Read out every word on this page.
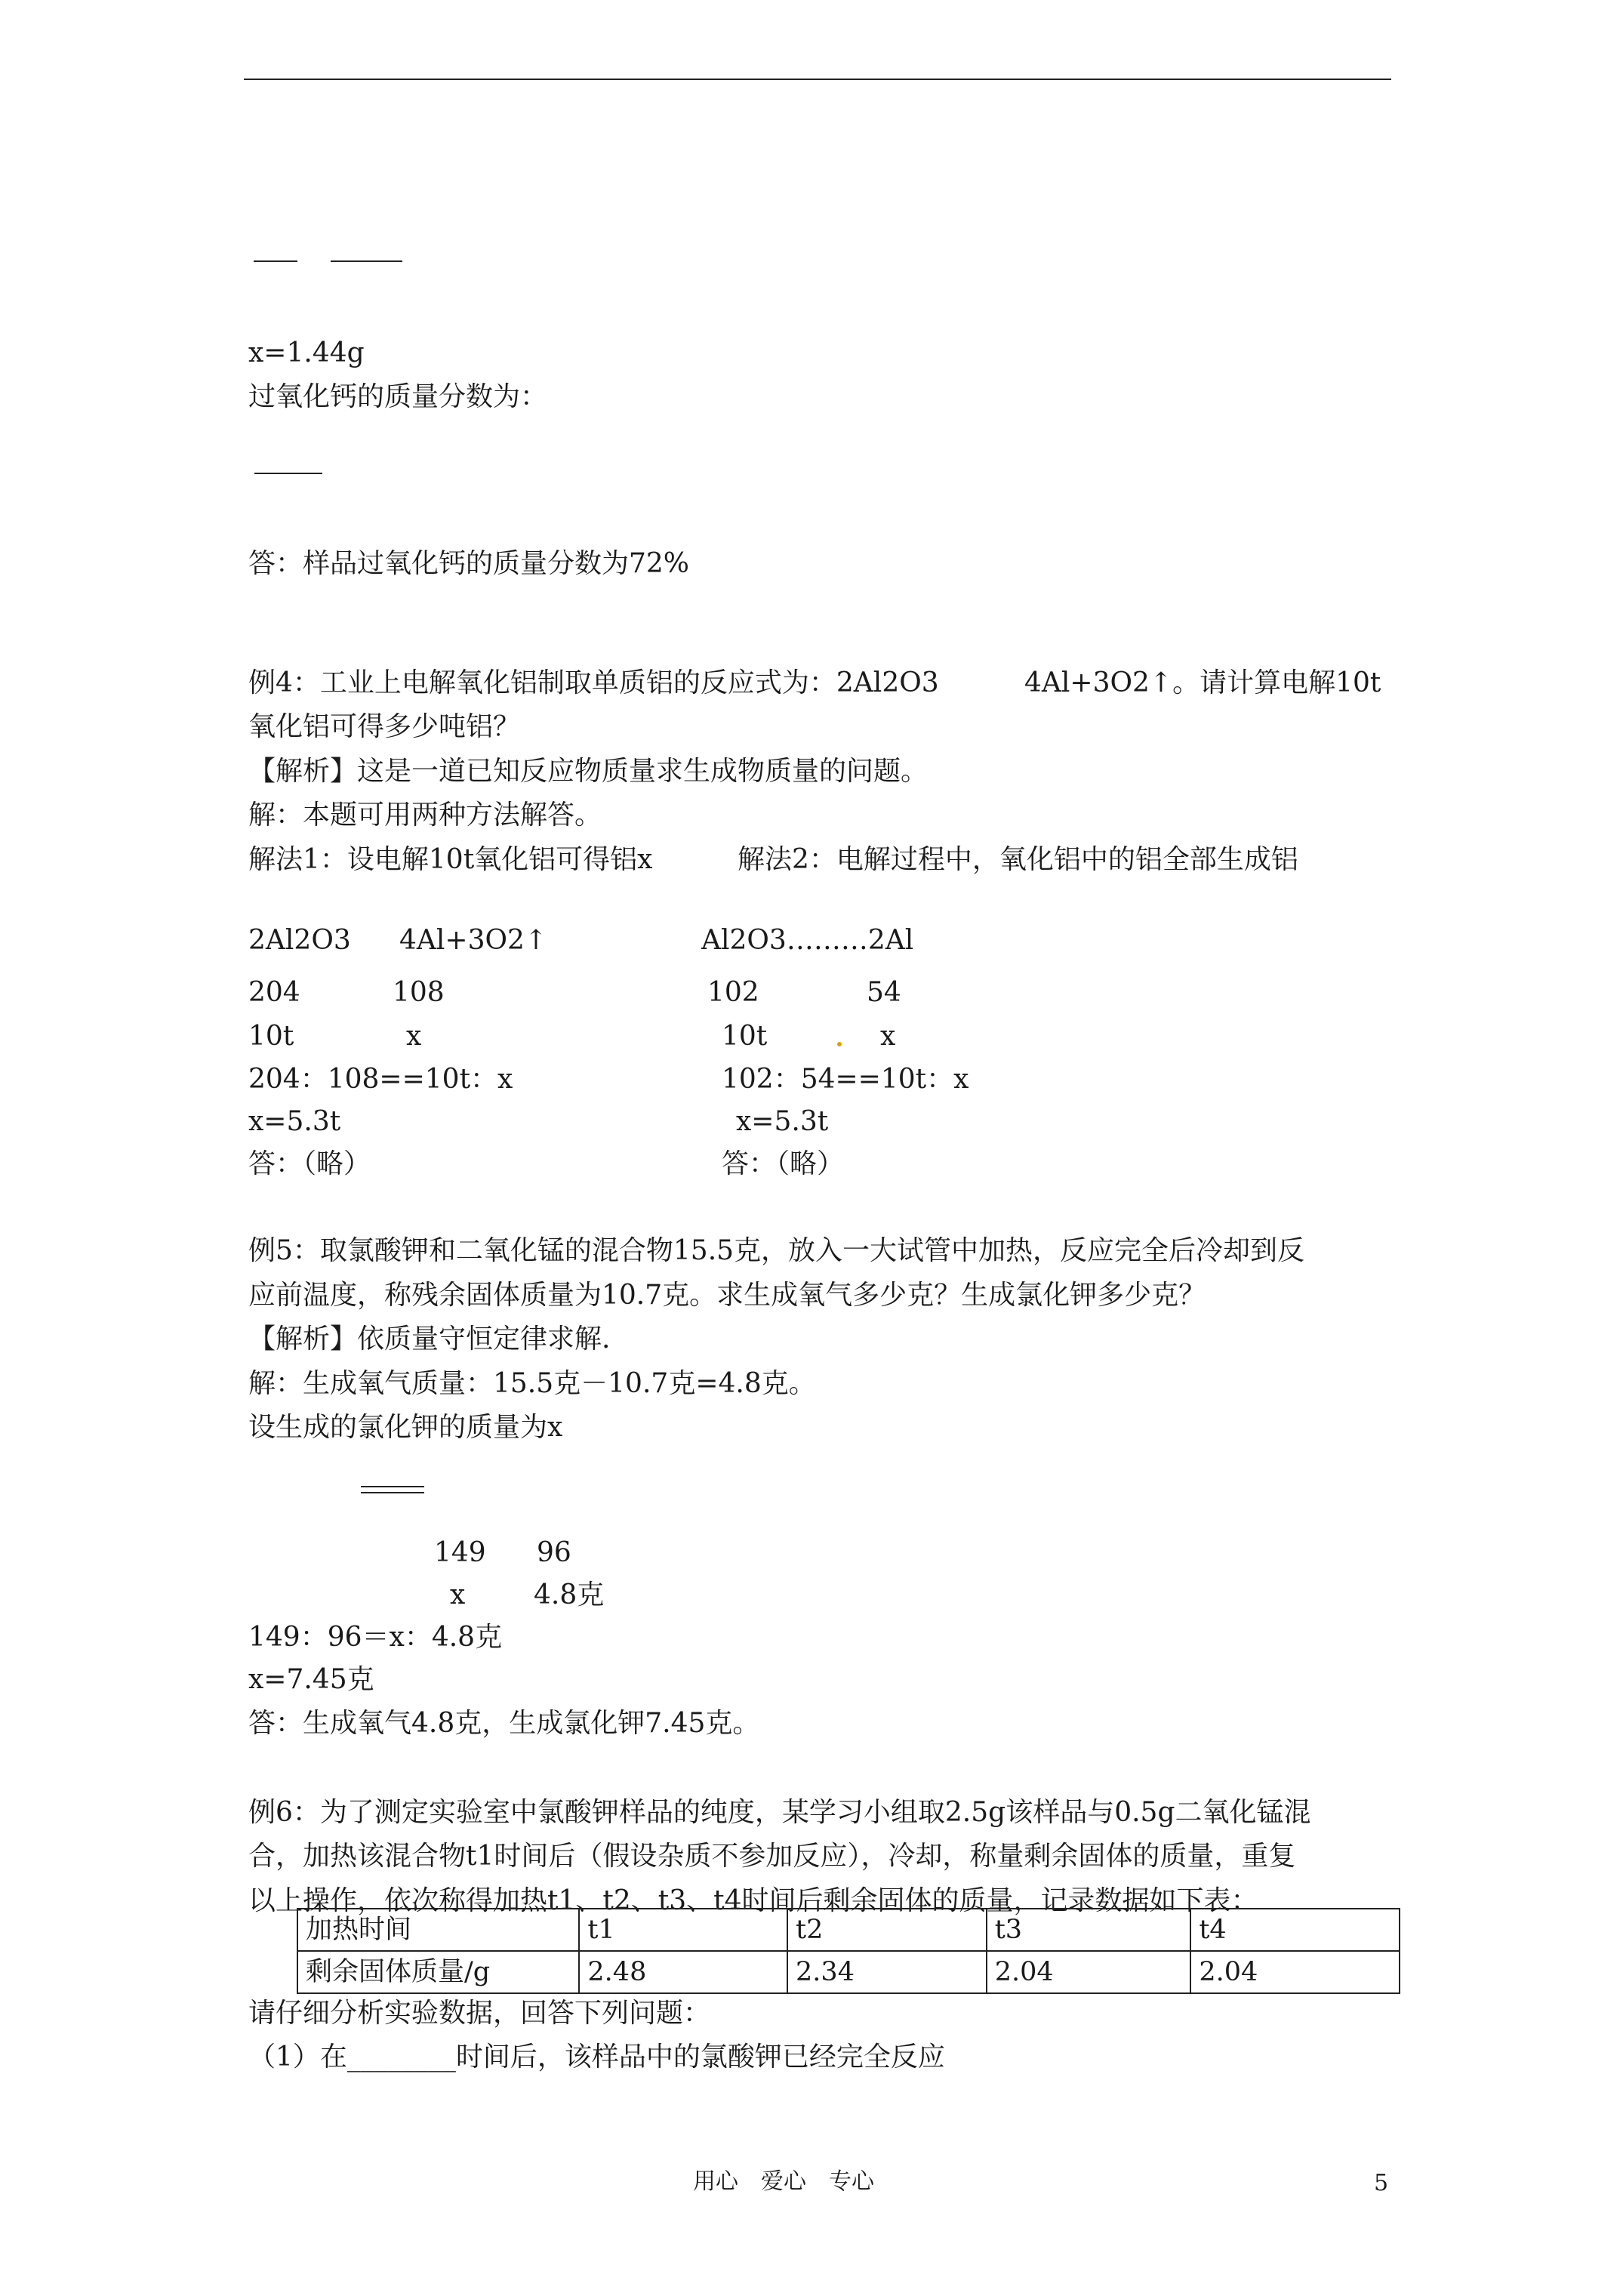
x=1.44g
过氧化钙的质量分数为：
答：样品过氧化钙的质量分数为72%
例4：工业上电解氧化铝制取单质铝的反应式为：2Al2O3	4Al+3O2↑。请计算电解10t
氧化铝可得多少吨铝？
【解析】这是一道已知反应物质量求生成物质量的问题。
解：本题可用两种方法解答。
解法1：设电解10t氧化铝可得铝x	解法2：电解过程中，氧化铝中的铝全部生成铝
2Al2O3 4Al+3O2↑
204	108
10t	x
204：108==10t：x
x=5.3t
答：（略）
Al2O3………2Al
102	54
10t	x
102：54==10t：x
x=5.3t
答：（略）
例5：取氯酸钾和二氧化锰的混合物15.5克，放入一大试管中加热，反应完全后冷却到反
应前温度，称残余固体质量为10.7克。求生成氧气多少克？生成氯化钾多少克？
【解析】依质量守恒定律求解.
解：生成氧气质量：15.5克－10.7克=4.8克。
设生成的氯化钾的质量为x
149 96
x	4.8克
149：96＝x：4.8克
x=7.45克
答：生成氧气4.8克，生成氯化钾7.45克。
例6：为了测定实验室中氯酸钾样品的纯度，某学习小组取2.5g该样品与0.5g二氧化锰混
合，加热该混合物t1时间后（假设杂质不参加反应），冷却，称量剩余固体的质量，重复
以上操作，依次称得加热t1、t2、t3、t4时间后剩余固体的质量，记录数据如下表：
加热时间	t1	t2	t3	t4
剩余固体质量/g	2.48	2.34	2.04	2.04
请仔细分析实验数据，回答下列问题：
（1）在________时间后，该样品中的氯酸钾已经完全反应
用心　爱心　专心	5
